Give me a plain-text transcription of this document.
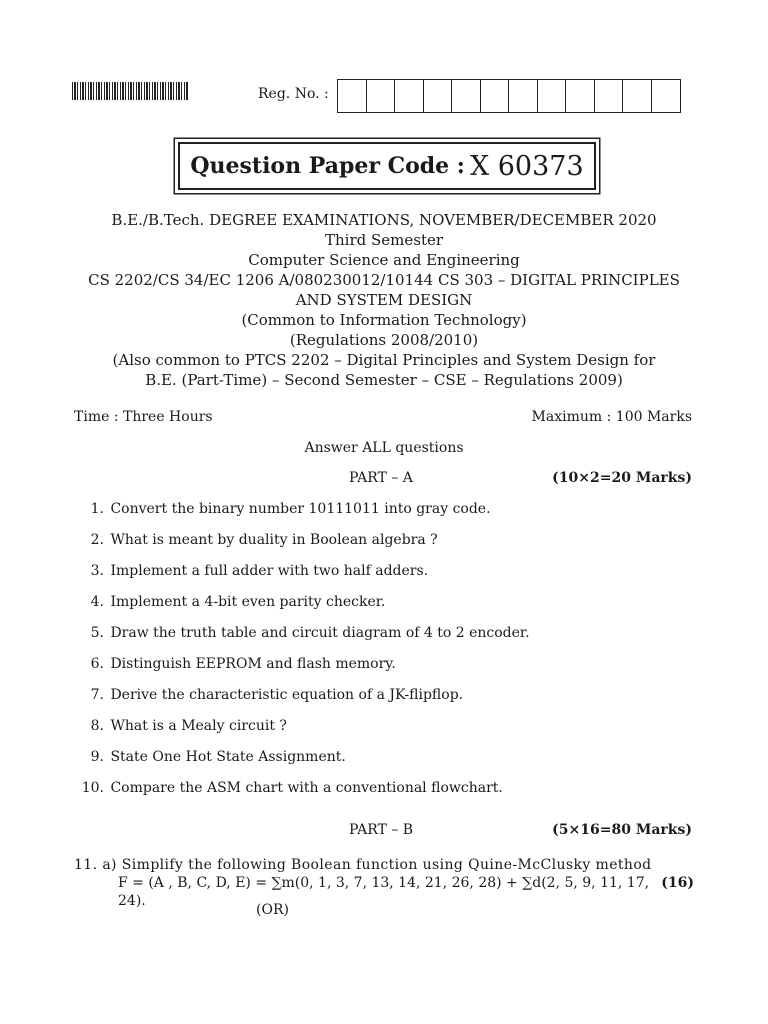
Reg. No. :
Question Paper Code : X 60373
B.E./B.Tech. DEGREE EXAMINATIONS, NOVEMBER/DECEMBER 2020
Third Semester
Computer Science and Engineering
CS 2202/CS 34/EC 1206 A/080230012/10144 CS 303 – DIGITAL PRINCIPLES
AND SYSTEM DESIGN
(Common to Information Technology)
(Regulations 2008/2010)
(Also common to PTCS 2202 – Digital Principles and System Design for
B.E. (Part-Time) – Second Semester – CSE – Regulations 2009)
Time : Three Hours	Maximum : 100 Marks
Answer ALL questions
PART – A	(10×2=20 Marks)
1.
Convert the binary number 10111011 into gray code.
2.
What is meant by duality in Boolean algebra ?
3.
Implement a full adder with two half adders.
4.
Implement a 4-bit even parity checker.
5.
Draw the truth table and circuit diagram of 4 to 2 encoder.
6.
Distinguish EEPROM and flash memory.
7.
Derive the characteristic equation of a JK-flipflop.
8.
What is a Mealy circuit ?
9.
State One Hot State Assignment.
10.
Compare the ASM chart with a conventional flowchart.
PART – B	(5×16=80 Marks)
11. a) Simplify the following Boolean function using Quine-McClusky method
F = (A , B, C, D, E) = ∑m(0, 1, 3, 7, 13, 14, 21, 26, 28) + ∑d(2, 5, 9, 11, 17, 24).
(16)
(OR)
